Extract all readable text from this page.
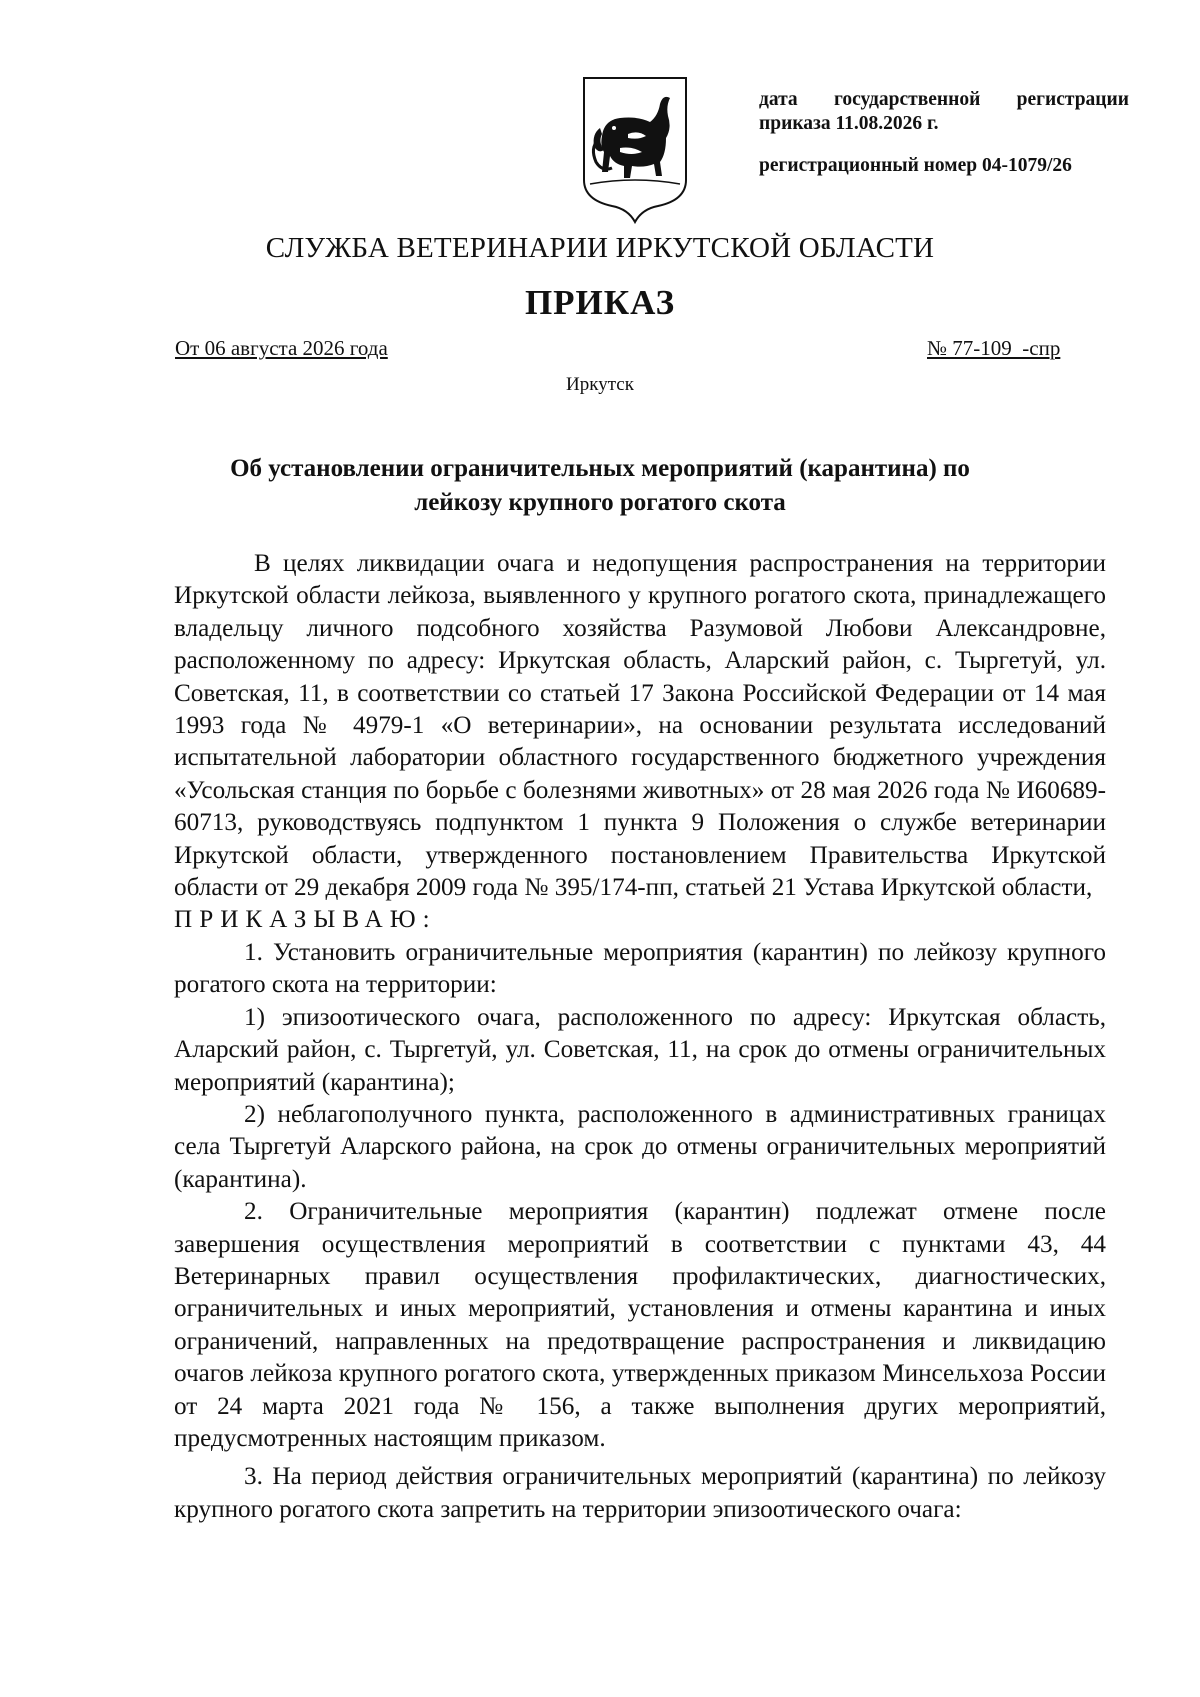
дата государственной регистрации
приказа 11.08.2026 г.
регистрационный номер 04-1079/26
СЛУЖБА ВЕТЕРИНАРИИ ИРКУТСКОЙ ОБЛАСТИ
ПРИКАЗ
От 06 августа 2026 года	№ 77-109  -спр
Иркутск
Об установлении ограничительных мероприятий (карантина) по
лейкозу крупного рогатого скота

В целях ликвидации очага и недопущения распространения на территории Иркутской области лейкоза, выявленного у крупного рогатого скота, принадлежащего владельцу личного подсобного хозяйства Разумовой Любови Александровне, расположенному по адресу: Иркутская область, Аларский район, с. Тыргетуй, ул. Советская, 11, в соответствии со статьей 17 Закона Российской Федерации от 14 мая 1993 года № 4979-1 «О ветеринарии», на основании результата исследований испытательной лаборатории областного государственного бюджетного учреждения «Усольская станция по борьбе с болезнями животных» от 28 мая 2026 года № И60689-60713, руководствуясь подпунктом 1 пункта 9 Положения о службе ветеринарии Иркутской области, утвержденного постановлением Правительства Иркутской области от 29 декабря 2009 года № 395/174-пп, статьей 21 Устава Иркутской области,

ПРИКАЗЫВАЮ:

1. Установить ограничительные мероприятия (карантин) по лейкозу крупного рогатого скота на территории:

1) эпизоотического очага, расположенного по адресу: Иркутская область, Аларский район, с. Тыргетуй, ул. Советская, 11, на срок до отмены ограничительных мероприятий (карантина);

2) неблагополучного пункта, расположенного в административных границах села Тыргетуй Аларского района, на срок до отмены ограничительных мероприятий (карантина).

2. Ограничительные мероприятия (карантин) подлежат отмене после завершения осуществления мероприятий в соответствии с пунктами 43, 44 Ветеринарных правил осуществления профилактических, диагностических, ограничительных и иных мероприятий, установления и отмены карантина и иных ограничений, направленных на предотвращение распространения и ликвидацию очагов лейкоза крупного рогатого скота, утвержденных приказом Минсельхоза России от 24 марта 2021 года № 156, а также выполнения других мероприятий, предусмотренных настоящим приказом.

3. На период действия ограничительных мероприятий (карантина) по лейкозу крупного рогатого скота запретить на территории эпизоотического очага:
